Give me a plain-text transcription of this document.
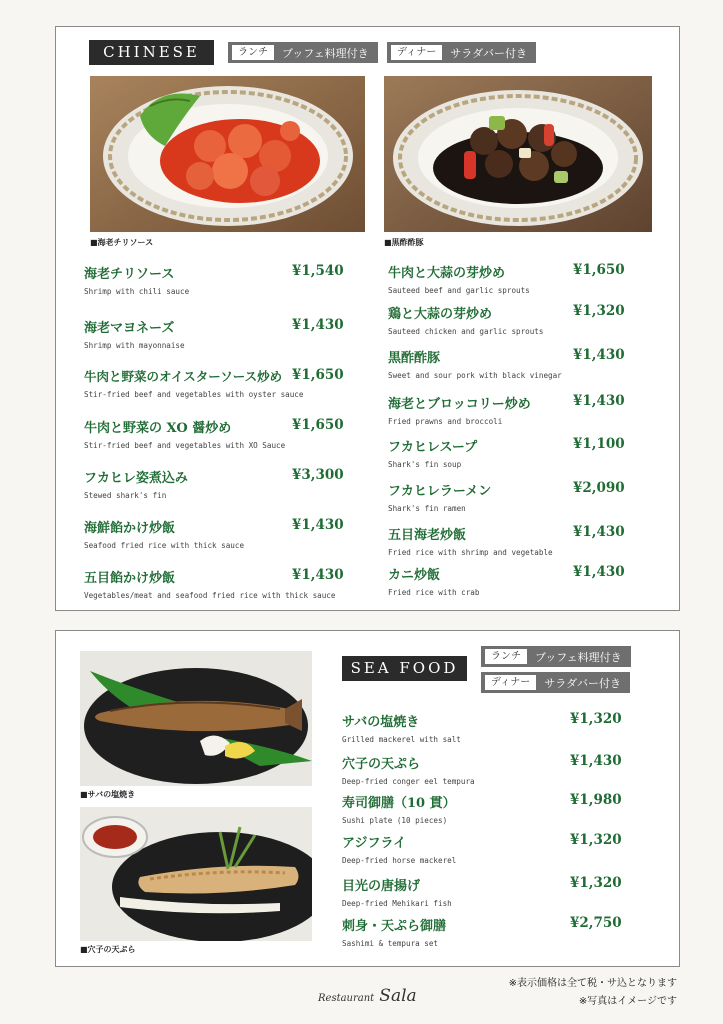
CHINESE	ランチ	ブッフェ料理付き	ディナー	サラダバー付き
■海老チリソース	■黒酢酢豚
海老チリソース
Shrimp with chili sauce
¥1,540
海老マヨネーズ
Shrimp with mayonnaise
¥1,430
牛肉と野菜のオイスターソース炒め
Stir-fried beef and vegetables with oyster sauce
¥1,650
牛肉と野菜の XO 醤炒め
Stir-fried beef and vegetables with XO Sauce
¥1,650
フカヒレ姿煮込み
Stewed shark's fin
¥3,300
海鮮餡かけ炒飯
Seafood fried rice with thick sauce
¥1,430
五目餡かけ炒飯
Vegetables/meat and seafood fried rice with thick sauce
¥1,430
牛肉と大蒜の芽炒め
Sauteed beef and garlic sprouts
¥1,650
鶏と大蒜の芽炒め
Sauteed chicken and garlic sprouts
¥1,320
黒酢酢豚
Sweet and sour pork with black vinegar
¥1,430
海老とブロッコリー炒め
Fried prawns and broccoli
¥1,430
フカヒレスープ
Shark's fin soup
¥1,100
フカヒレラーメン
Shark's fin ramen
¥2,090
五目海老炒飯
Fried rice with shrimp and vegetable
¥1,430
カニ炒飯
Fried rice with crab
¥1,430
■サバの塩焼き
■穴子の天ぷら
SEA FOOD
ランチ	ブッフェ料理付き
ディナー	サラダバー付き
サバの塩焼き
Grilled mackerel with salt
¥1,320
穴子の天ぷら
Deep-fried conger eel tempura
¥1,430
寿司御膳（10 貫）
Sushi plate (10 pieces)
¥1,980
アジフライ
Deep-fried horse mackerel
¥1,320
目光の唐揚げ
Deep-fried Mehikari fish
¥1,320
刺身・天ぷら御膳
Sashimi & tempura set
¥2,750
Restaurant Sala
※表示価格は全て税・サ込となります
※写真はイメージです
